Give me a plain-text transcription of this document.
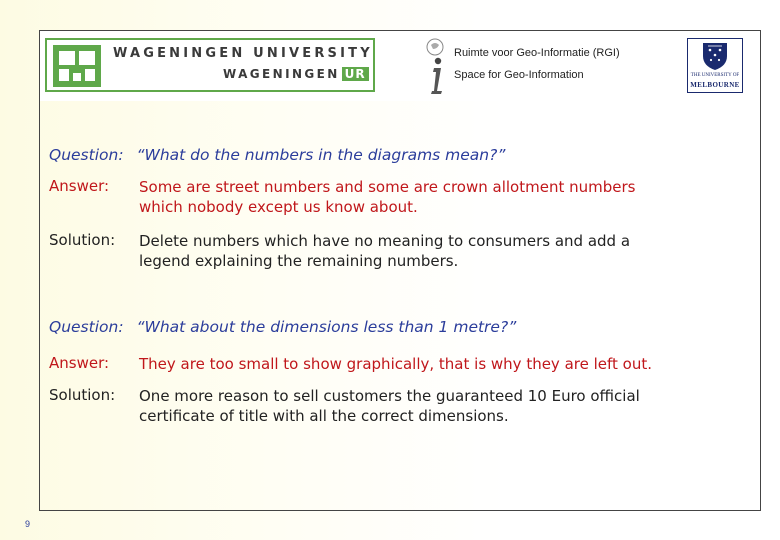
WAGENINGEN UNIVERSITY
WAGENINGEN UR
Ruimte voor Geo-Informatie (RGI)
Space for Geo-Information	THE UNIVERSITY OF
MELBOURNE
Question: “What do the numbers in the diagrams mean?”
Answer: Some are street numbers and some are crown allotment numbers
which nobody except us know about.
Solution: Delete numbers which have no meaning to consumers and add a
legend explaining the remaining numbers.
Question: “What about the dimensions less than 1 metre?”
Answer: They are too small to show graphically, that is why they are left out.
Solution: One more reason to sell customers the guaranteed 10 Euro official
certificate of title with all the correct dimensions.
9
